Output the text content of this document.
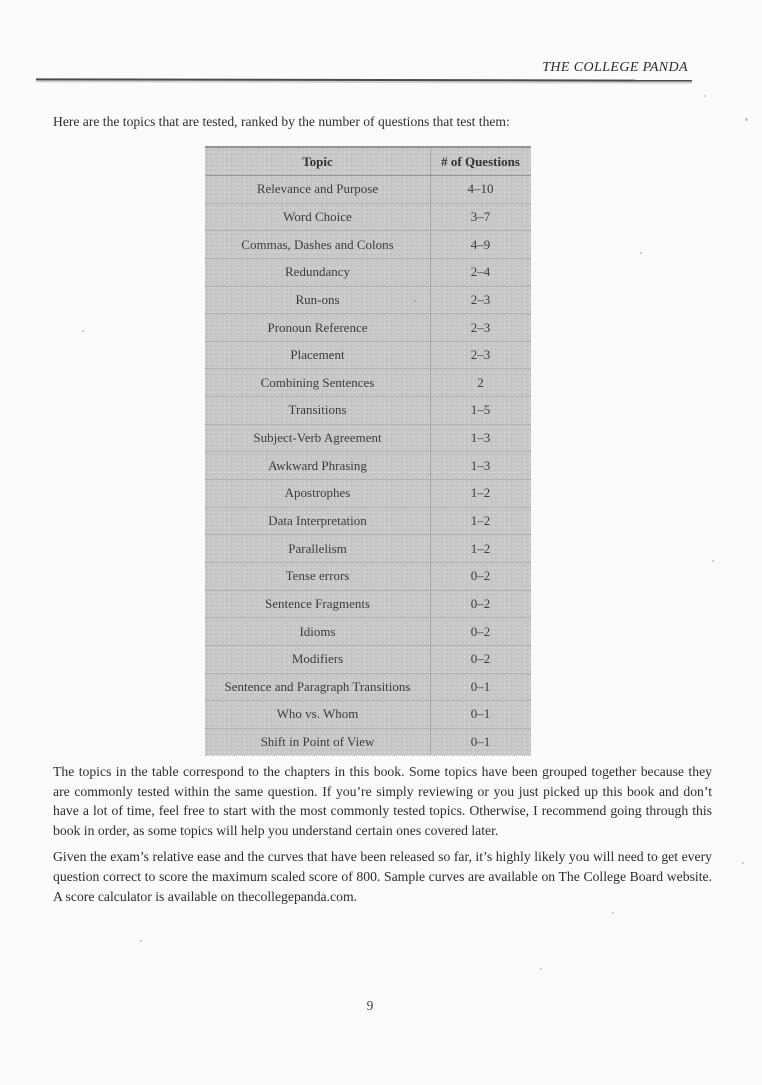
THE COLLEGE PANDA

Here are the topics that are tested, ranked by the number of questions that test them:

Topic	# of Questions
Relevance and Purpose	4–10
Word Choice	3–7
Commas, Dashes and Colons	4–9
Redundancy	2–4
Run-ons	2–3
Pronoun Reference	2–3
Placement	2–3
Combining Sentences	2
Transitions	1–5
Subject-Verb Agreement	1–3
Awkward Phrasing	1–3
Apostrophes	1–2
Data Interpretation	1–2
Parallelism	1–2
Tense errors	0–2
Sentence Fragments	0–2
Idioms	0–2
Modifiers	0–2
Sentence and Paragraph Transitions	0–1
Who vs. Whom	0–1
Shift in Point of View	0–1

The topics in the table correspond to the chapters in this book. Some topics have been grouped together because they are commonly tested within the same question. If you’re simply reviewing or you just picked up this book and don’t have a lot of time, feel free to start with the most commonly tested topics. Otherwise, I recommend going through this book in order, as some topics will help you understand certain ones covered later.

Given the exam’s relative ease and the curves that have been released so far, it’s highly likely you will need to get every question correct to score the maximum scaled score of 800. Sample curves are available on The College Board website. A score calculator is available on thecollegepanda.com.

9
